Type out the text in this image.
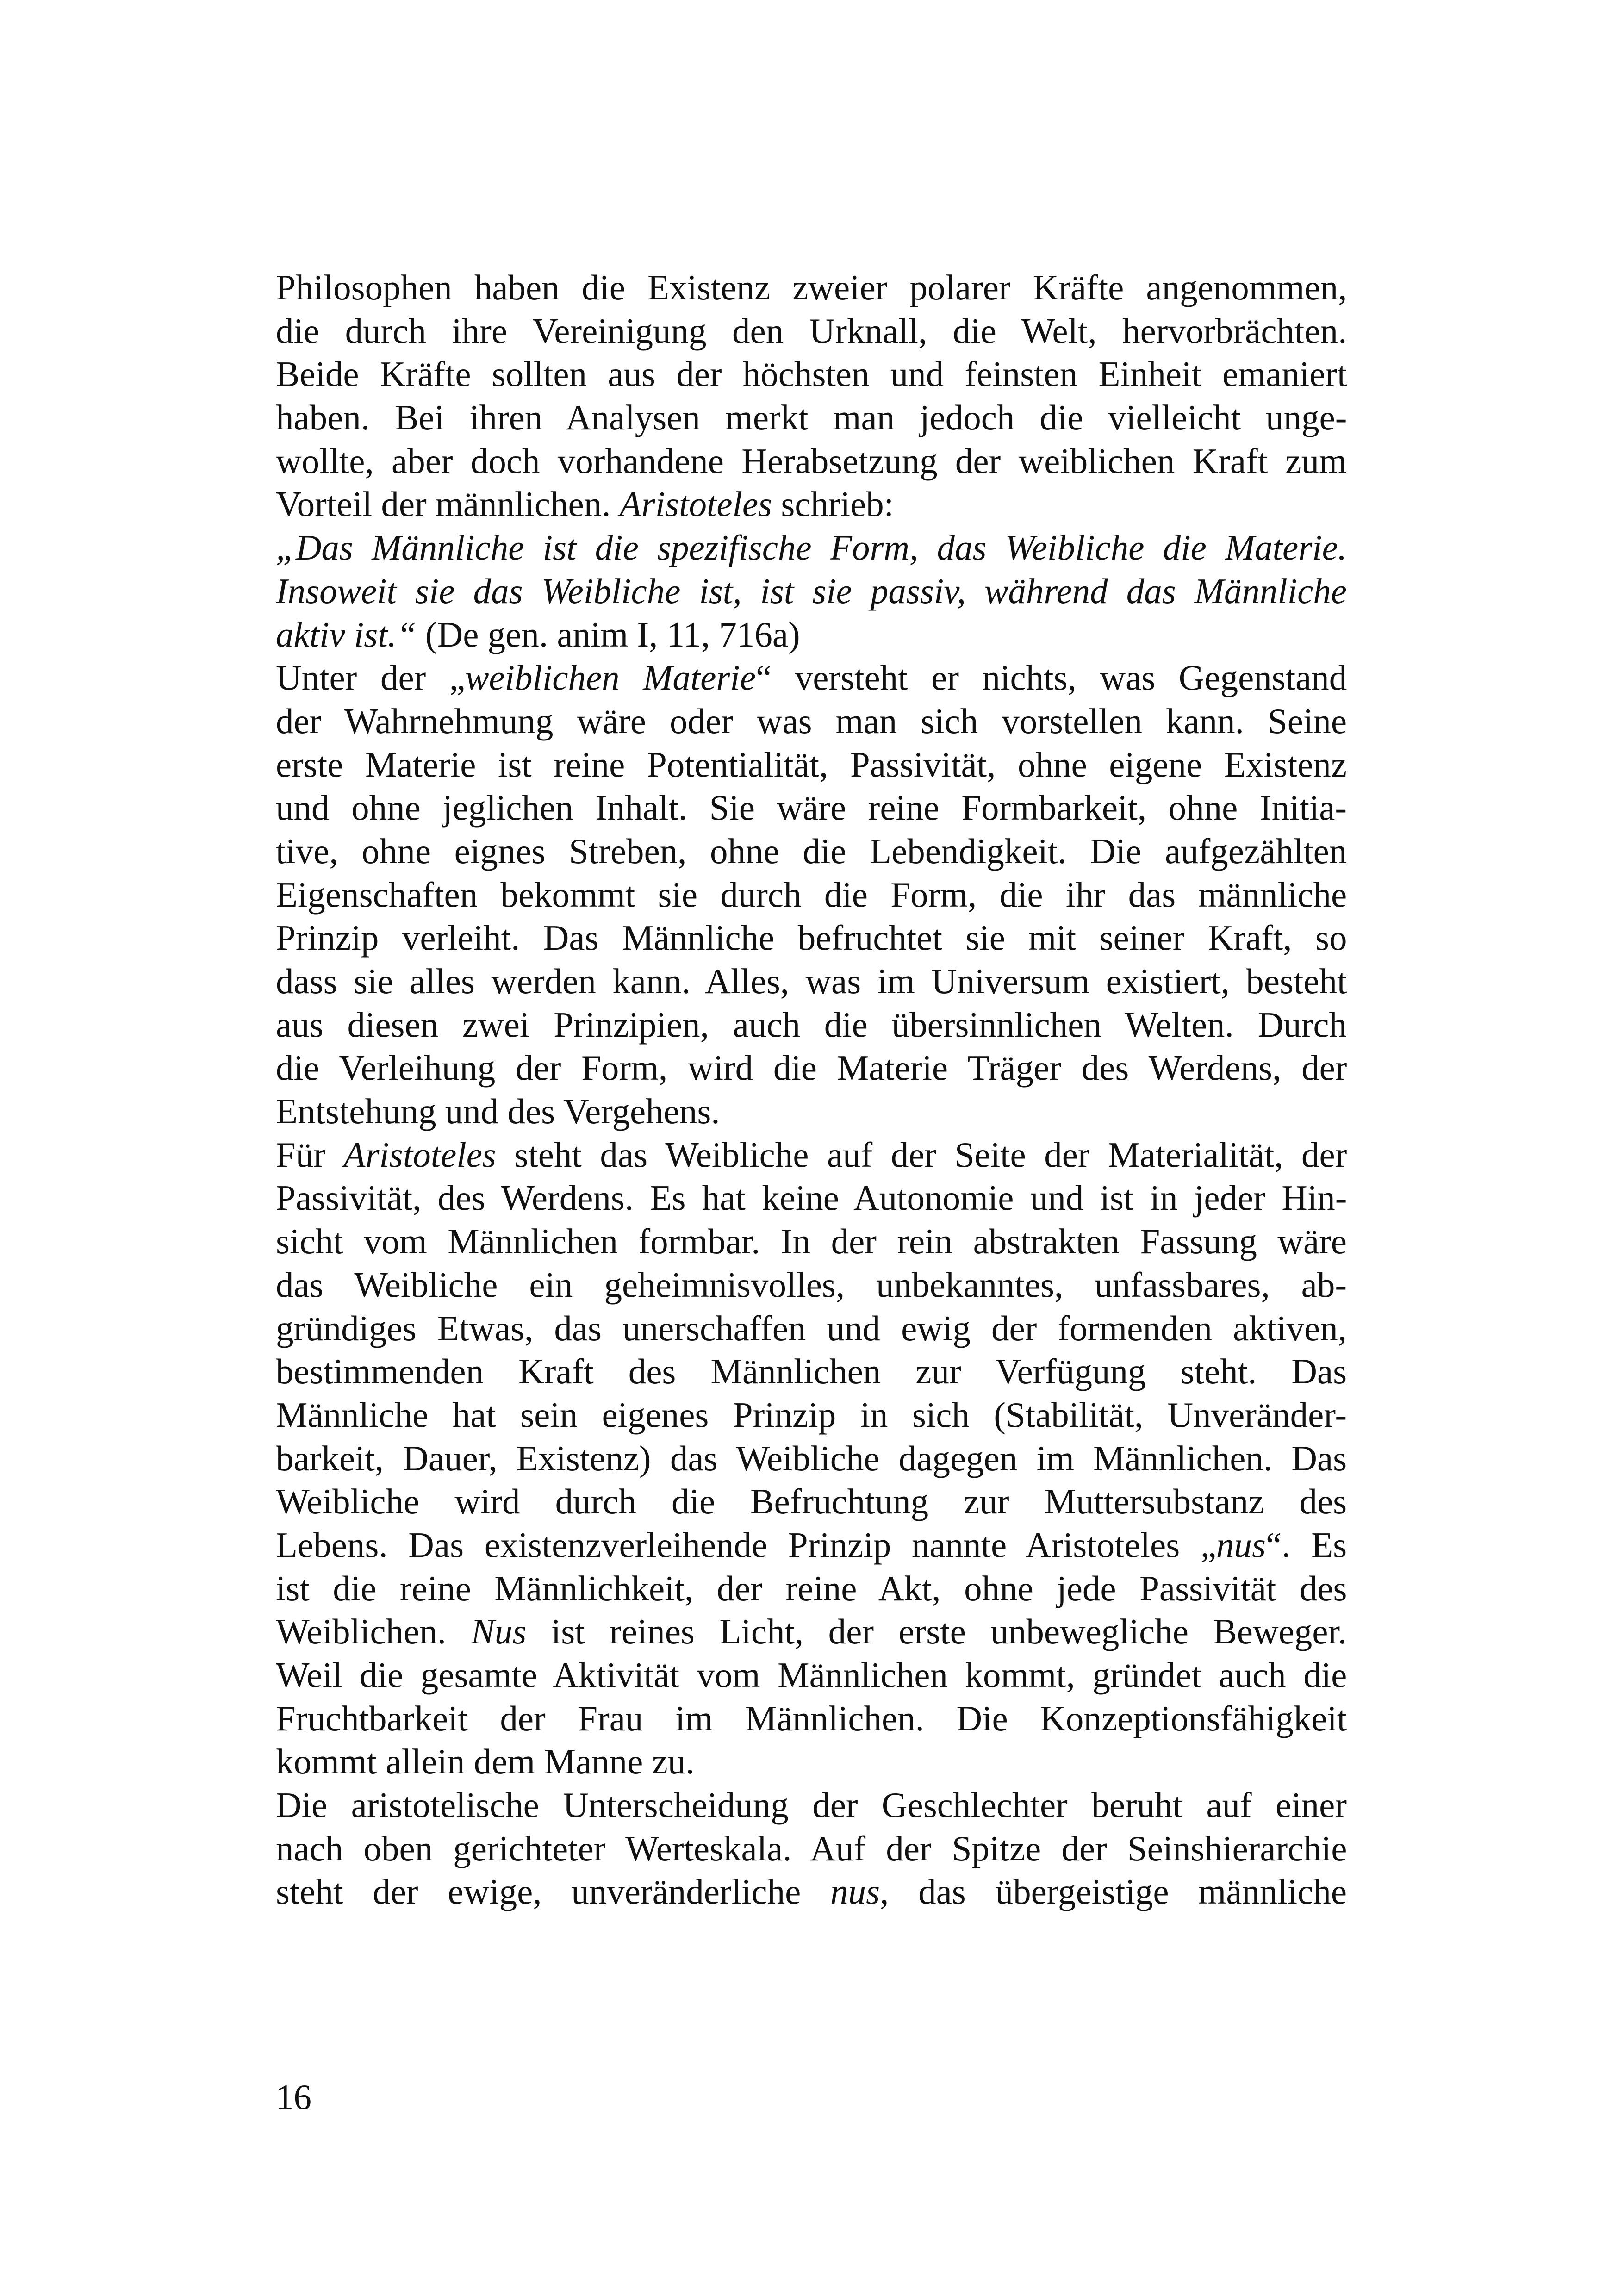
Philosophen haben die Existenz zweier polarer Kräfte angenommen,
die durch ihre Vereinigung den Urknall, die Welt, hervorbrächten.
Beide Kräfte sollten aus der höchsten und feinsten Einheit emaniert
haben. Bei ihren Analysen merkt man jedoch die vielleicht unge-
wollte, aber doch vorhandene Herabsetzung der weiblichen Kraft zum
Vorteil der männlichen. Aristoteles schrieb:
„Das Männliche ist die spezifische Form, das Weibliche die Materie.
Insoweit sie das Weibliche ist, ist sie passiv, während das Männliche
aktiv ist.“ (De gen. anim I, 11, 716a)
Unter der „weiblichen Materie“ versteht er nichts, was Gegenstand
der Wahrnehmung wäre oder was man sich vorstellen kann. Seine
erste Materie ist reine Potentialität, Passivität, ohne eigene Existenz
und ohne jeglichen Inhalt. Sie wäre reine Formbarkeit, ohne Initia-
tive, ohne eignes Streben, ohne die Lebendigkeit. Die aufgezählten
Eigenschaften bekommt sie durch die Form, die ihr das männliche
Prinzip verleiht. Das Männliche befruchtet sie mit seiner Kraft, so
dass sie alles werden kann. Alles, was im Universum existiert, besteht
aus diesen zwei Prinzipien, auch die übersinnlichen Welten. Durch
die Verleihung der Form, wird die Materie Träger des Werdens, der
Entstehung und des Vergehens.
Für Aristoteles steht das Weibliche auf der Seite der Materialität, der
Passivität, des Werdens. Es hat keine Autonomie und ist in jeder Hin-
sicht vom Männlichen formbar. In der rein abstrakten Fassung wäre
das Weibliche ein geheimnisvolles, unbekanntes, unfassbares, ab-
gründiges Etwas, das unerschaffen und ewig der formenden aktiven,
bestimmenden Kraft des Männlichen zur Verfügung steht. Das
Männliche hat sein eigenes Prinzip in sich (Stabilität, Unveränder-
barkeit, Dauer, Existenz) das Weibliche dagegen im Männlichen. Das
Weibliche wird durch die Befruchtung zur Muttersubstanz des
Lebens. Das existenzverleihende Prinzip nannte Aristoteles „nus“. Es
ist die reine Männlichkeit, der reine Akt, ohne jede Passivität des
Weiblichen. Nus ist reines Licht, der erste unbewegliche Beweger.
Weil die gesamte Aktivität vom Männlichen kommt, gründet auch die
Fruchtbarkeit der Frau im Männlichen. Die Konzeptionsfähigkeit
kommt allein dem Manne zu.
Die aristotelische Unterscheidung der Geschlechter beruht auf einer
nach oben gerichteter Werteskala. Auf der Spitze der Seinshierarchie
steht der ewige, unveränderliche nus, das übergeistige männliche
16
